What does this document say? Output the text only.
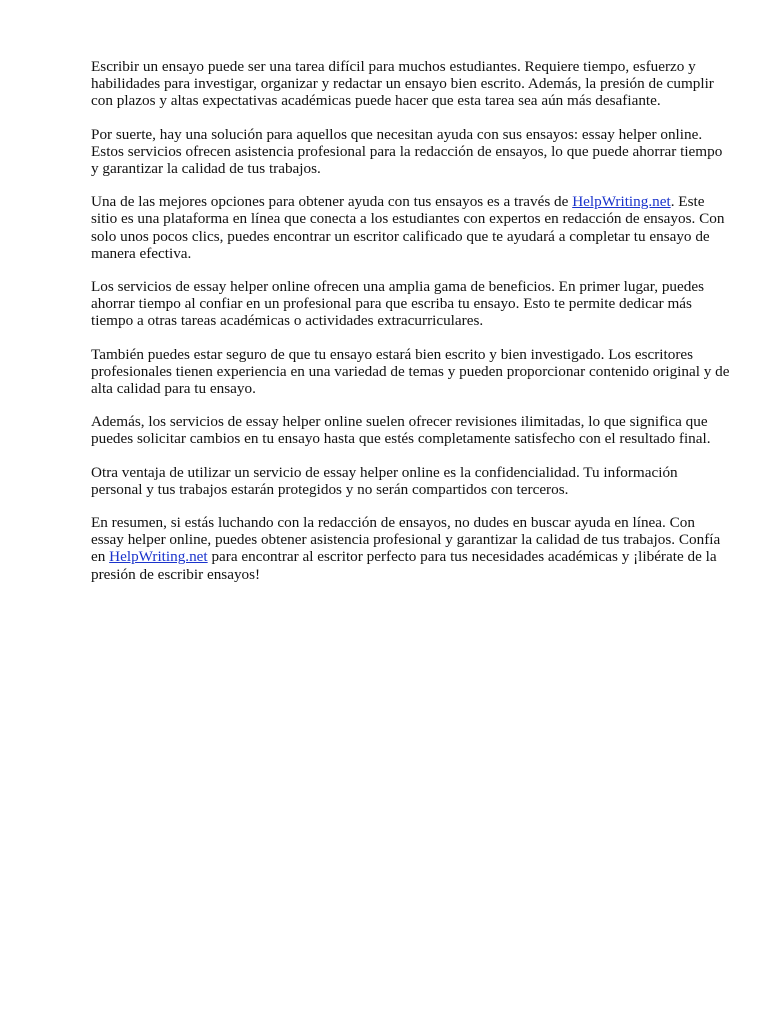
Escribir un ensayo puede ser una tarea difícil para muchos estudiantes. Requiere tiempo, esfuerzo y habilidades para investigar, organizar y redactar un ensayo bien escrito. Además, la presión de cumplir con plazos y altas expectativas académicas puede hacer que esta tarea sea aún más desafiante.

Por suerte, hay una solución para aquellos que necesitan ayuda con sus ensayos: essay helper online. Estos servicios ofrecen asistencia profesional para la redacción de ensayos, lo que puede ahorrar tiempo y garantizar la calidad de tus trabajos.

Una de las mejores opciones para obtener ayuda con tus ensayos es a través de HelpWriting.net. Este sitio es una plataforma en línea que conecta a los estudiantes con expertos en redacción de ensayos. Con solo unos pocos clics, puedes encontrar un escritor calificado que te ayudará a completar tu ensayo de manera efectiva.

Los servicios de essay helper online ofrecen una amplia gama de beneficios. En primer lugar, puedes ahorrar tiempo al confiar en un profesional para que escriba tu ensayo. Esto te permite dedicar más tiempo a otras tareas académicas o actividades extracurriculares.

También puedes estar seguro de que tu ensayo estará bien escrito y bien investigado. Los escritores profesionales tienen experiencia en una variedad de temas y pueden proporcionar contenido original y de alta calidad para tu ensayo.

Además, los servicios de essay helper online suelen ofrecer revisiones ilimitadas, lo que significa que puedes solicitar cambios en tu ensayo hasta que estés completamente satisfecho con el resultado final.

Otra ventaja de utilizar un servicio de essay helper online es la confidencialidad. Tu información personal y tus trabajos estarán protegidos y no serán compartidos con terceros.

En resumen, si estás luchando con la redacción de ensayos, no dudes en buscar ayuda en línea. Con essay helper online, puedes obtener asistencia profesional y garantizar la calidad de tus trabajos. Confía en HelpWriting.net para encontrar al escritor perfecto para tus necesidades académicas y ¡libérate de la presión de escribir ensayos!
